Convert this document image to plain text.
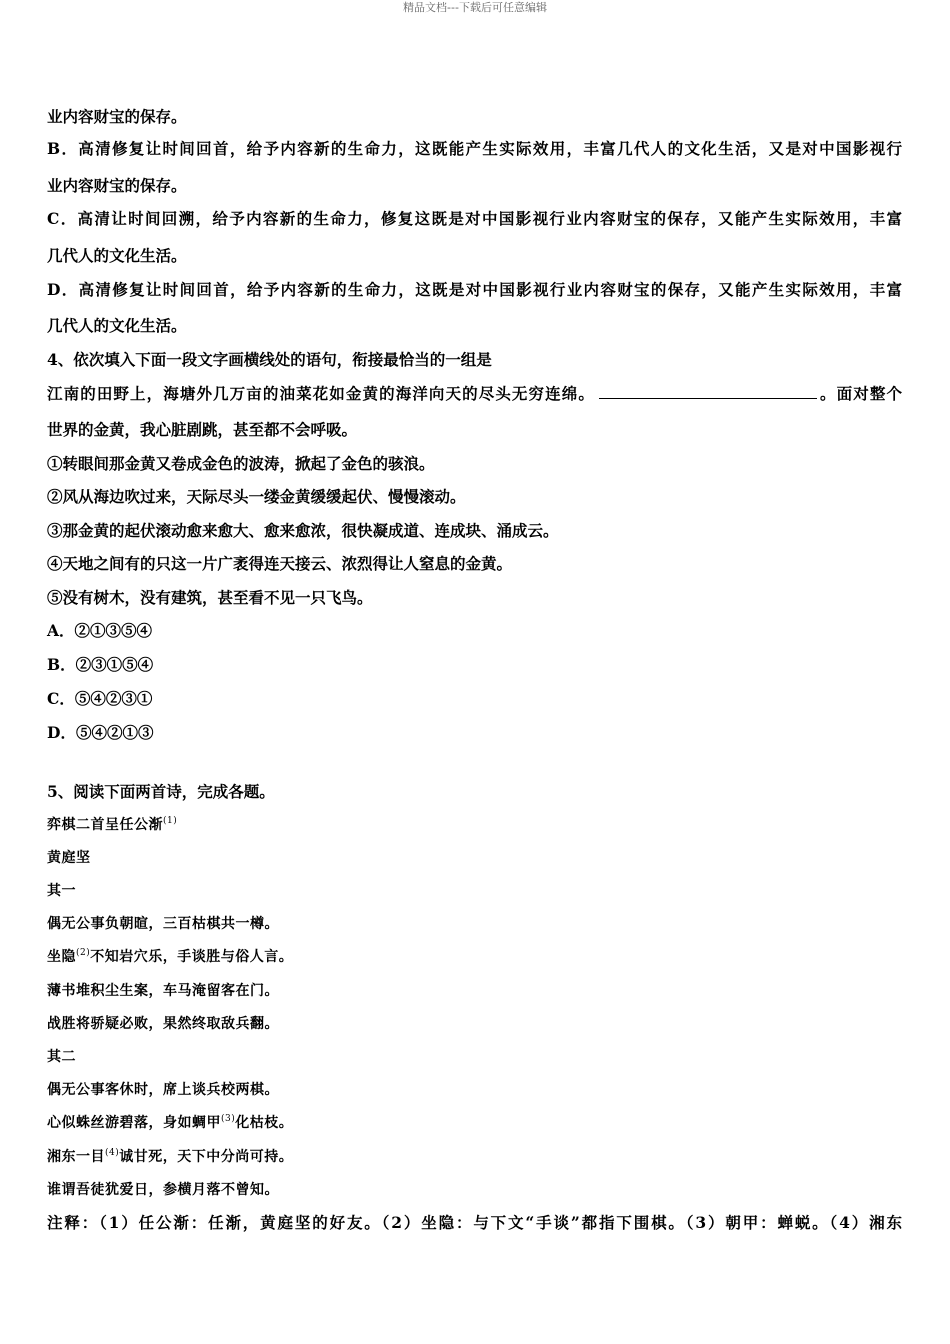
精品文档---下载后可任意编辑
业内容财宝的保存。
B．高清修复让时间回首，给予内容新的生命力，这既能产生实际效用，丰富几代人的文化生活，又是对中国影视行
业内容财宝的保存。
C．高清让时间回溯，给予内容新的生命力，修复这既是对中国影视行业内容财宝的保存，又能产生实际效用，丰富
几代人的文化生活。
D．高清修复让时间回首，给予内容新的生命力，这既是对中国影视行业内容财宝的保存，又能产生实际效用，丰富
几代人的文化生活。
4、依次填入下面一段文字画横线处的语句，衔接最恰当的一组是
江南的田野上，海塘外几万亩的油菜花如金黄的海洋向天的尽头无穷连绵。	。面对整个
世界的金黄，我心脏剧跳，甚至都不会呼吸。
①转眼间那金黄又卷成金色的波涛，掀起了金色的骇浪。
②风从海边吹过来，天际尽头一缕金黄缓缓起伏、慢慢滚动。
③那金黄的起伏滚动愈来愈大、愈来愈浓，很快凝成道、连成块、涌成云。
④天地之间有的只这一片广袤得连天接云、浓烈得让人窒息的金黄。
⑤没有树木，没有建筑，甚至看不见一只飞鸟。
A．②①③⑤④
B．②③①⑤④
C．⑤④②③①
D．⑤④②①③
5、阅读下面两首诗，完成各题。
弈棋二首呈任公渐$^{(1)}$
黄庭坚
其一
偶无公事负朝暄，三百枯棋共一樽。
坐隐$^{(2)}$不知岩穴乐，手谈胜与俗人言。
薄书堆积尘生案，车马淹留客在门。
战胜将骄疑必败，果然终取敌兵翻。
其二
偶无公事客休时，席上谈兵校两棋。
心似蛛丝游碧落，身如蜩甲$^{(3)}$化枯枝。
湘东一目$^{(4)}$诚甘死，天下中分尚可持。
谁谓吾徒犹爱日，参横月落不曾知。
注释：（1）任公渐：任渐，黄庭坚的好友。（2）坐隐：与下文“手谈”都指下围棋。（3）朝甲：蝉蜕。（4）湘东
